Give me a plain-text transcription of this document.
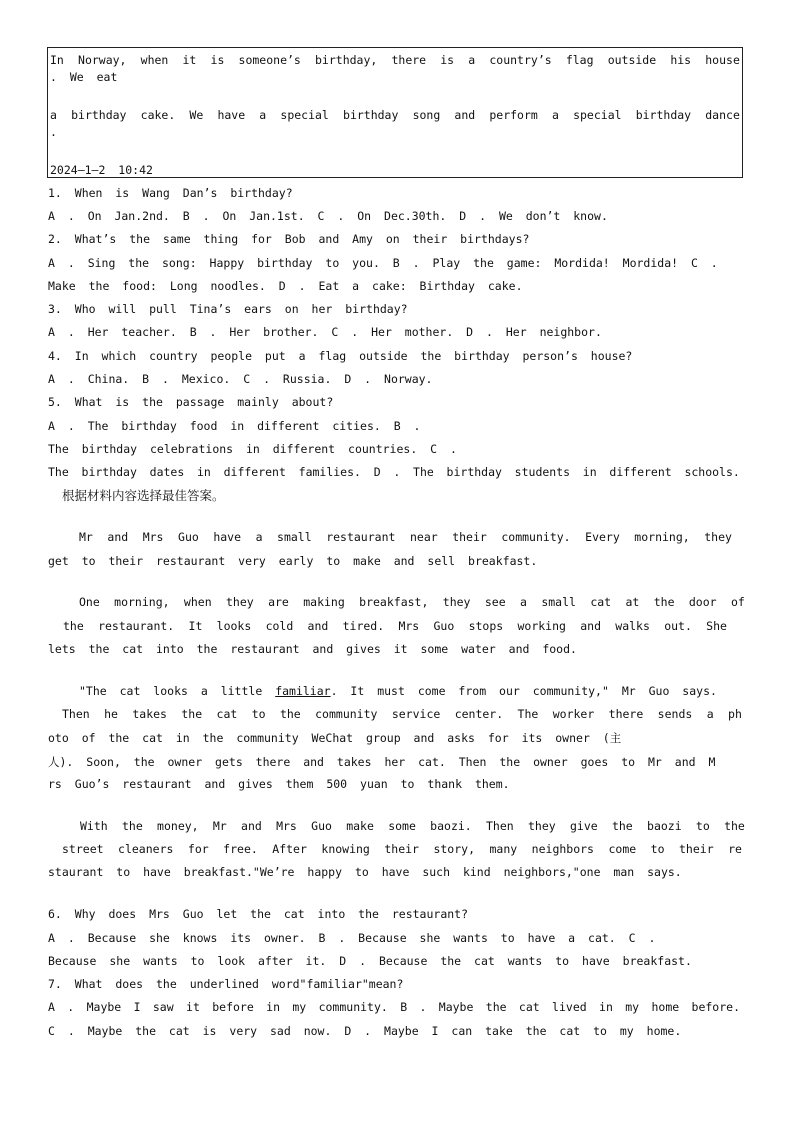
In Norway, when it is someone’s birthday, there is a country’s flag outside his house
. We eat
a birthday cake. We have a special birthday song and perform a special birthday dance
.
2024—1—2 10:42
1. When is Wang Dan’s birthday?
A . On Jan.2nd. B . On Jan.1st. C . On Dec.30th. D . We don’t know.
2. What’s the same thing for Bob and Amy on their birthdays?
A . Sing the song: Happy birthday to you. B . Play the game: Mordida! Mordida! C .
Make the food: Long noodles. D . Eat a cake: Birthday cake.
3. Who will pull Tina’s ears on her birthday?
A . Her teacher. B . Her brother. C . Her mother. D . Her neighbor.
4. In which country people put a flag outside the birthday person’s house?
A . China. B . Mexico. C . Russia. D . Norway.
5. What is the passage mainly about?
A . The birthday food in different cities. B .
The birthday celebrations in different countries. C .
The birthday dates in different families. D . The birthday students in different schools.
根据材料内容选择最佳答案。
Mr and Mrs Guo have a small restaurant near their community. Every morning, they
get to their restaurant very early to make and sell breakfast.
One morning, when they are making breakfast, they see a small cat at the door of
the restaurant. It looks cold and tired. Mrs Guo stops working and walks out. She
lets the cat into the restaurant and gives it some water and food.
"The cat looks a little familiar. It must come from our community," Mr Guo says.
Then he takes the cat to the community service center. The worker there sends a ph
oto of the cat in the community WeChat group and asks for its owner (主
人). Soon, the owner gets there and takes her cat. Then the owner goes to Mr and M
rs Guo’s restaurant and gives them 500 yuan to thank them.
With the money, Mr and Mrs Guo make some baozi. Then they give the baozi to the
street cleaners for free. After knowing their story, many neighbors come to their re
staurant to have breakfast."We’re happy to have such kind neighbors,"one man says.
6. Why does Mrs Guo let the cat into the restaurant?
A . Because she knows its owner. B . Because she wants to have a cat. C .
Because she wants to look after it. D . Because the cat wants to have breakfast.
7. What does the underlined word"familiar"mean?
A . Maybe I saw it before in my community. B . Maybe the cat lived in my home before.
C . Maybe the cat is very sad now. D . Maybe I can take the cat to my home.
